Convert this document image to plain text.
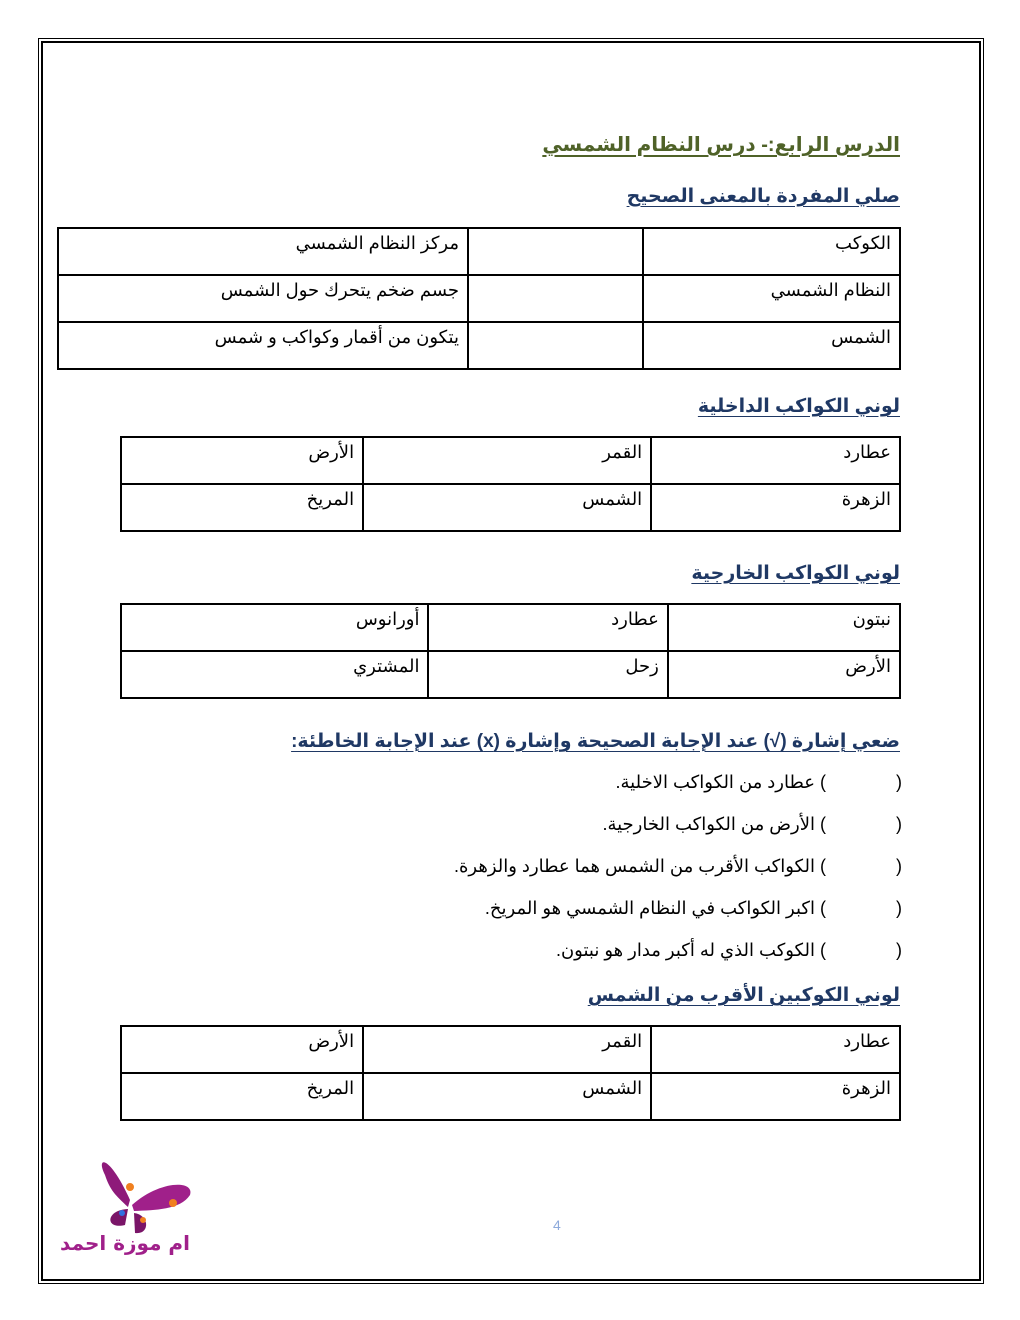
الدرس الرابع:- درس النظام الشمسي
صلي المفردة بالمعنى الصحيح
الكوكب		مركز النظام الشمسي
النظام الشمسي		جسم ضخم يتحرك حول الشمس
الشمس		يتكون من أقمار وكواكب و شمس
لوني الكواكب الداخلية
عطارد	القمر	الأرض
الزهرة	الشمس	المريخ
لوني الكواكب الخارجية
نبتون	عطارد	أورانوس
الأرض	زحل	المشتري
ضعي إشارة (√) عند الإجابة الصحيحة وإشارة (x) عند الإجابة الخاطئة:
() عطارد من الكواكب الاخلية.
() الأرض من الكواكب الخارجية.
() الكواكب الأقرب من الشمس هما عطارد والزهرة.
() اكبر الكواكب في النظام الشمسي هو المريخ.
() الكوكب الذي له أكبر مدار هو نبتون.
لوني الكوكبين الأقرب من الشمس
عطارد	القمر	الأرض
الزهرة	الشمس	المريخ
ام موزة احمد
4
